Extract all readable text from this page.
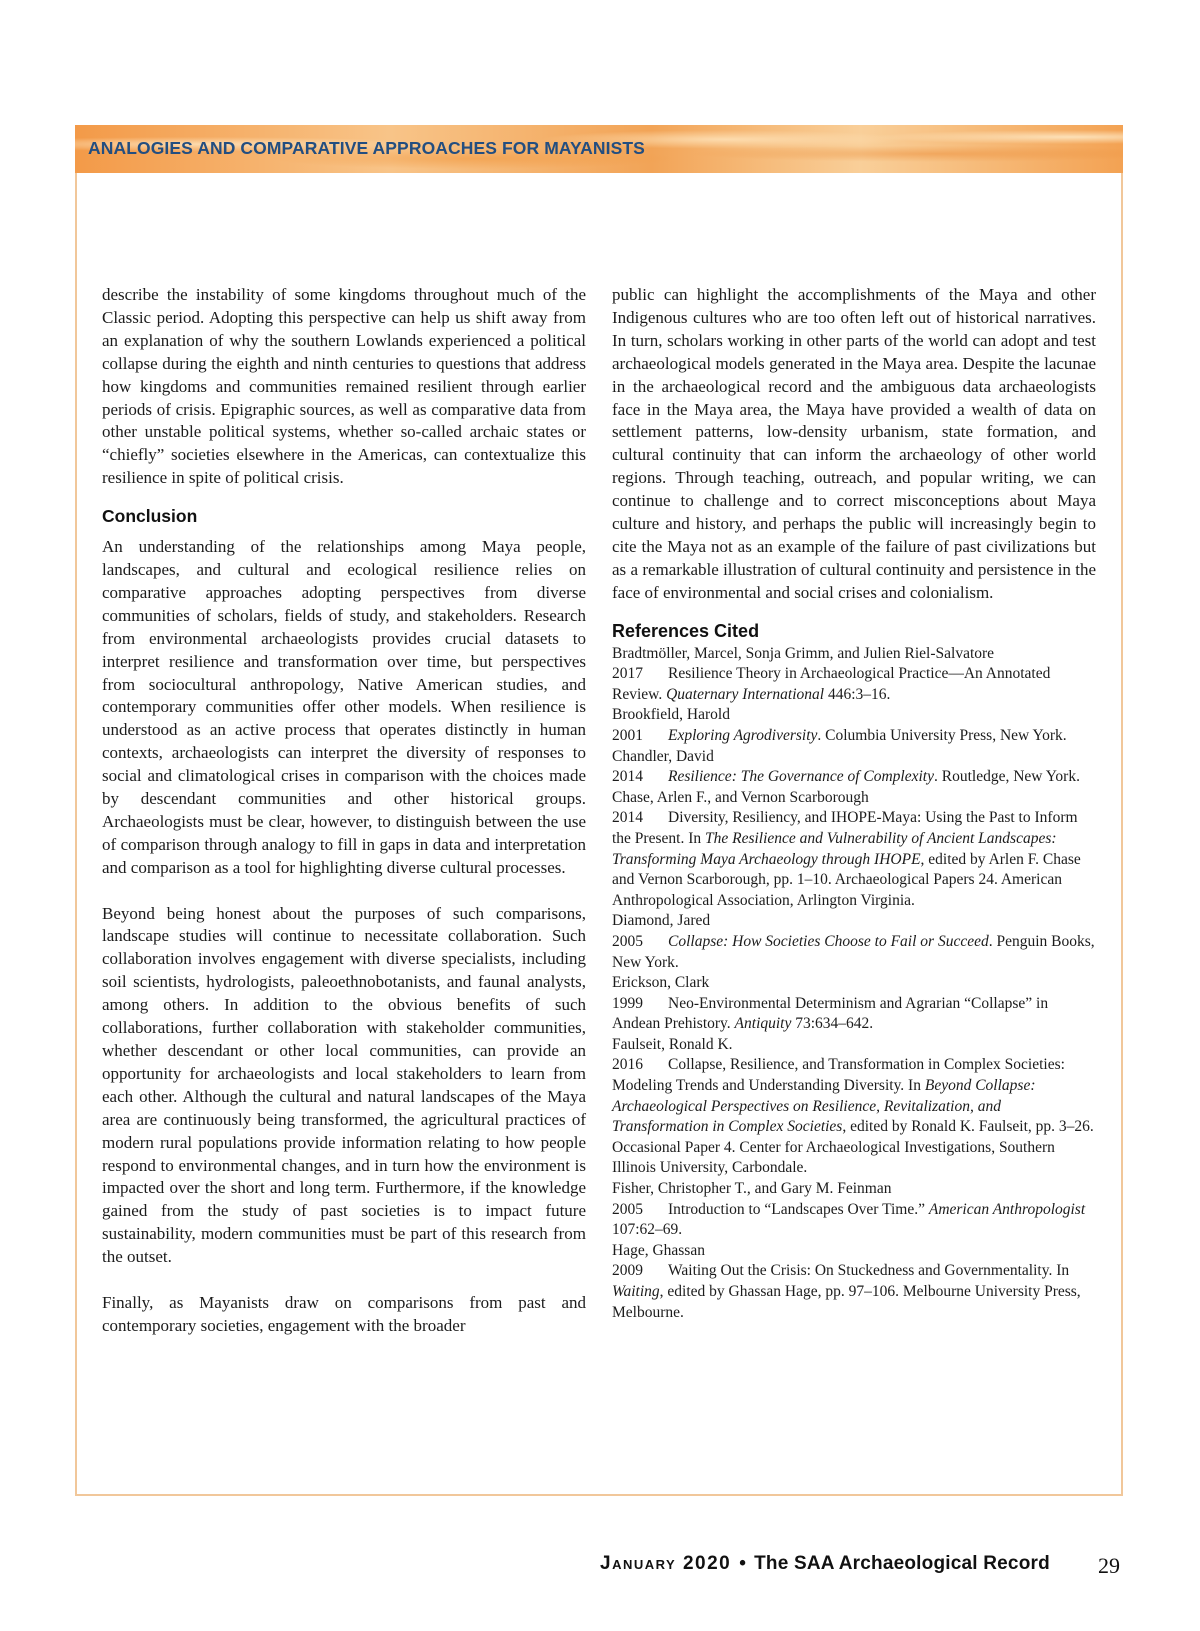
ANALOGIES AND COMPARATIVE APPROACHES FOR MAYANISTS

describe the instability of some kingdoms throughout much of the Classic period. Adopting this perspective can help us shift away from an explanation of why the southern Lowlands experienced a political collapse during the eighth and ninth centuries to questions that address how kingdoms and communities remained resilient through earlier periods of crisis. Epigraphic sources, as well as comparative data from other unstable political systems, whether so-called archaic states or “chiefly” societies elsewhere in the Americas, can contextualize this resilience in spite of political crisis.

Conclusion

An understanding of the relationships among Maya people, landscapes, and cultural and ecological resilience relies on comparative approaches adopting perspectives from diverse communities of scholars, fields of study, and stakeholders. Research from environmental archaeologists provides crucial datasets to interpret resilience and transformation over time, but perspectives from sociocultural anthropology, Native American studies, and contemporary communities offer other models. When resilience is understood as an active process that operates distinctly in human contexts, archaeologists can interpret the diversity of responses to social and climatological crises in comparison with the choices made by descendant communities and other historical groups. Archaeologists must be clear, however, to distinguish between the use of comparison through analogy to fill in gaps in data and interpretation and comparison as a tool for highlighting diverse cultural processes.

Beyond being honest about the purposes of such comparisons, landscape studies will continue to necessitate collaboration. Such collaboration involves engagement with diverse specialists, including soil scientists, hydrologists, paleoethnobotanists, and faunal analysts, among others. In addition to the obvious benefits of such collaborations, further collaboration with stakeholder communities, whether descendant or other local communities, can provide an opportunity for archaeologists and local stakeholders to learn from each other. Although the cultural and natural landscapes of the Maya area are continuously being transformed, the agricultural practices of modern rural populations provide information relating to how people respond to environmental changes, and in turn how the environment is impacted over the short and long term. Furthermore, if the knowledge gained from the study of past societies is to impact future sustainability, modern communities must be part of this research from the outset.

Finally, as Mayanists draw on comparisons from past and contemporary societies, engagement with the broader

public can highlight the accomplishments of the Maya and other Indigenous cultures who are too often left out of historical narratives. In turn, scholars working in other parts of the world can adopt and test archaeological models generated in the Maya area. Despite the lacunae in the archaeological record and the ambiguous data archaeologists face in the Maya area, the Maya have provided a wealth of data on settlement patterns, low-density urbanism, state formation, and cultural continuity that can inform the archaeology of other world regions. Through teaching, outreach, and popular writing, we can continue to challenge and to correct misconceptions about Maya culture and history, and perhaps the public will increasingly begin to cite the Maya not as an example of the failure of past civilizations but as a remarkable illustration of cultural continuity and persistence in the face of environmental and social crises and colonialism.

References Cited

Bradtmöller, Marcel, Sonja Grimm, and Julien Riel-Salvatore

2017 Resilience Theory in Archaeological Practice—An Annotated Review. Quaternary International 446:3–16.

Brookfield, Harold

2001 Exploring Agrodiversity. Columbia University Press, New York.

Chandler, David

2014 Resilience: The Governance of Complexity. Routledge, New York.

Chase, Arlen F., and Vernon Scarborough

2014 Diversity, Resiliency, and IHOPE-Maya: Using the Past to Inform the Present. In The Resilience and Vulnerability of Ancient Landscapes: Transforming Maya Archaeology through IHOPE, edited by Arlen F. Chase and Vernon Scarborough, pp. 1–10. Archaeological Papers 24. American Anthropological Association, Arlington Virginia.

Diamond, Jared

2005 Collapse: How Societies Choose to Fail or Succeed. Penguin Books, New York.

Erickson, Clark

1999 Neo-Environmental Determinism and Agrarian “Collapse” in Andean Prehistory. Antiquity 73:634–642.

Faulseit, Ronald K.

2016 Collapse, Resilience, and Transformation in Complex Societies: Modeling Trends and Understanding Diversity. In Beyond Collapse: Archaeological Perspectives on Resilience, Revitalization, and Transformation in Complex Societies, edited by Ronald K. Faulseit, pp. 3–26. Occasional Paper 4. Center for Archaeological Investigations, Southern Illinois University, Carbondale.

Fisher, Christopher T., and Gary M. Feinman

2005 Introduction to “Landscapes Over Time.” American Anthropologist 107:62–69.

Hage, Ghassan

2009 Waiting Out the Crisis: On Stuckedness and Governmentality. In Waiting, edited by Ghassan Hage, pp. 97–106. Melbourne University Press, Melbourne.

January 2020 • The SAA Archaeological Record 29
